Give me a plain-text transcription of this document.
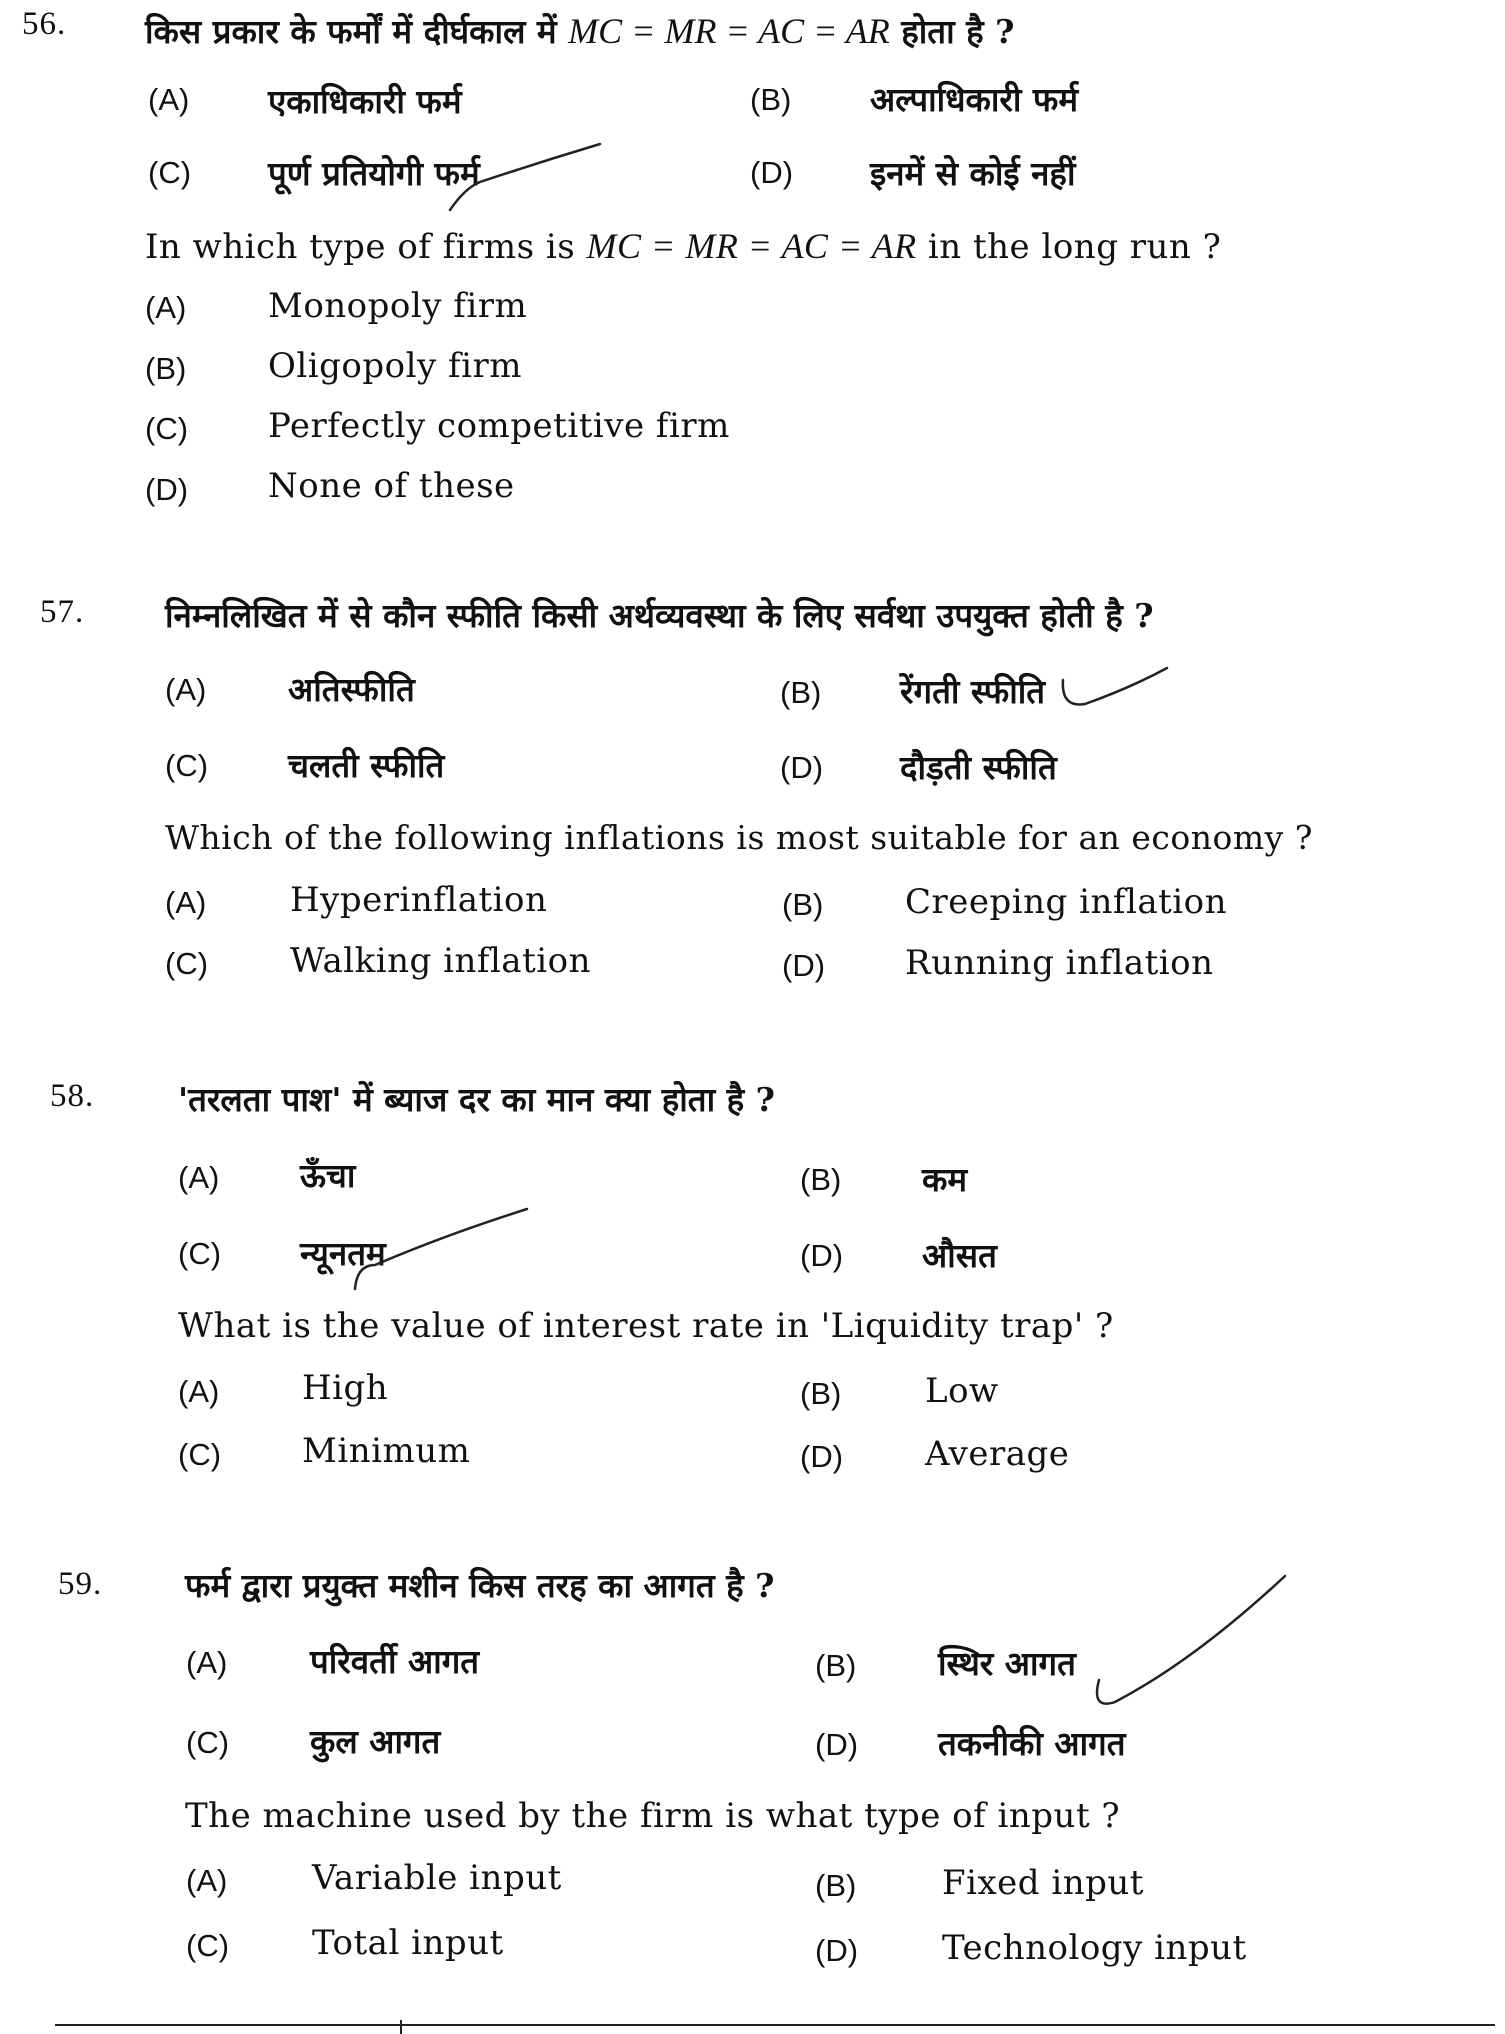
56. किस प्रकार के फर्मों में दीर्घकाल में MC = MR = AC = AR होता है ?
(A) एकाधिकारी फर्म	(B) अल्पाधिकारी फर्म
(C) पूर्ण प्रतियोगी फर्म	(D) इनमें से कोई नहीं
In which type of firms is MC = MR = AC = AR in the long run ?
(A) Monopoly firm
(B) Oligopoly firm
(C) Perfectly competitive firm
(D) None of these
57. निम्नलिखित में से कौन स्फीति किसी अर्थव्यवस्था के लिए सर्वथा उपयुक्त होती है ?
(A) अतिस्फीति	(B) रेंगती स्फीति
(C) चलती स्फीति	(D) दौड़ती स्फीति
Which of the following inflations is most suitable for an economy ?
(A) Hyperinflation	(B) Creeping inflation
(C) Walking inflation	(D) Running inflation
58.	'तरलता पाश' में ब्याज दर का मान क्या होता है ?
(A) ऊँचा	(B) कम
(C) न्यूनतम	(D) औसत
What is the value of interest rate in 'Liquidity trap' ?
(A) High	(B) Low
(C) Minimum	(D) Average
59.	फर्म द्वारा प्रयुक्त मशीन किस तरह का आगत है ?
(A)	परिवर्ती आगत	(B) स्थिर आगत
(C) कुल आगत	(D) तकनीकी आगत
The machine used by the firm is what type of input ?
(A) Variable input	(B)	Fixed input
(C) Total input	(D) Technology input
